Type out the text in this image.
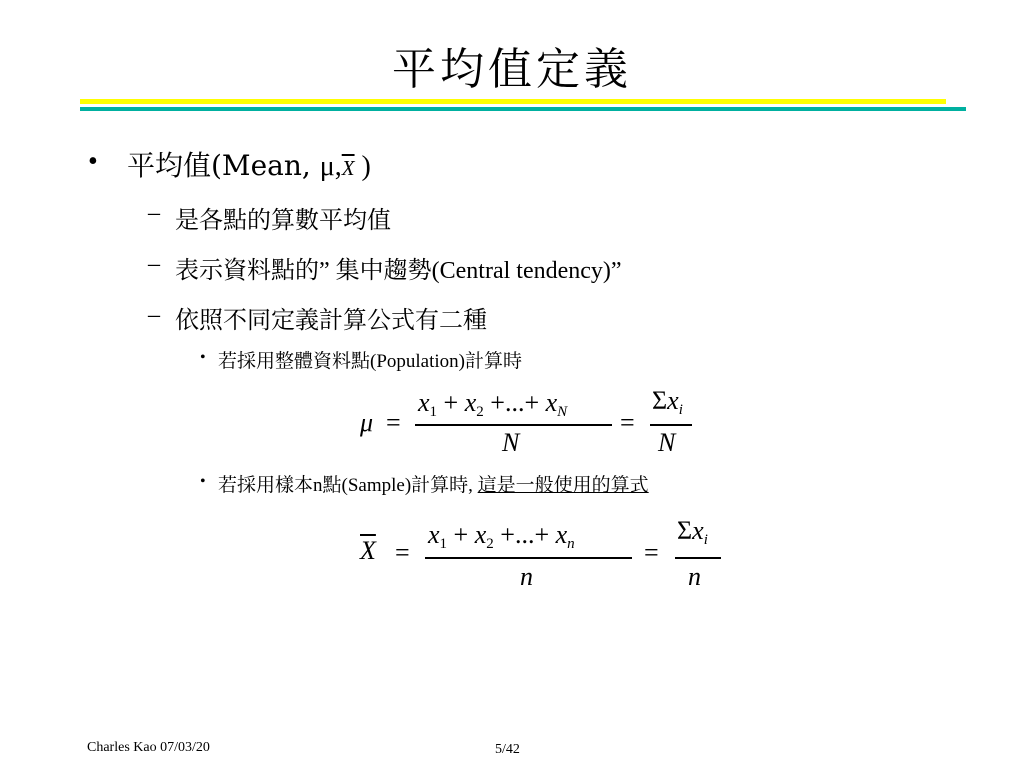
平均值定義
• 平均值(Mean, $\mu,\overline{X}$ )
– 是各點的算數平均值
– 表示資料點的” 集中趨勢(Central tendency)”
– 依照不同定義計算公式有二種
• 若採用整體資料點(Population)計算時
μ =
$x_1 + x_2$ +...+ xN
N
=
Σxi
N
• 若採用樣本n點(Sample)計算時, 這是一般使用的算式
$\overline{X}$ =
$x_1 + x_2$ +...+ xn
n
=
Σxi
n
Charles Kao 07/03/20	5/42
